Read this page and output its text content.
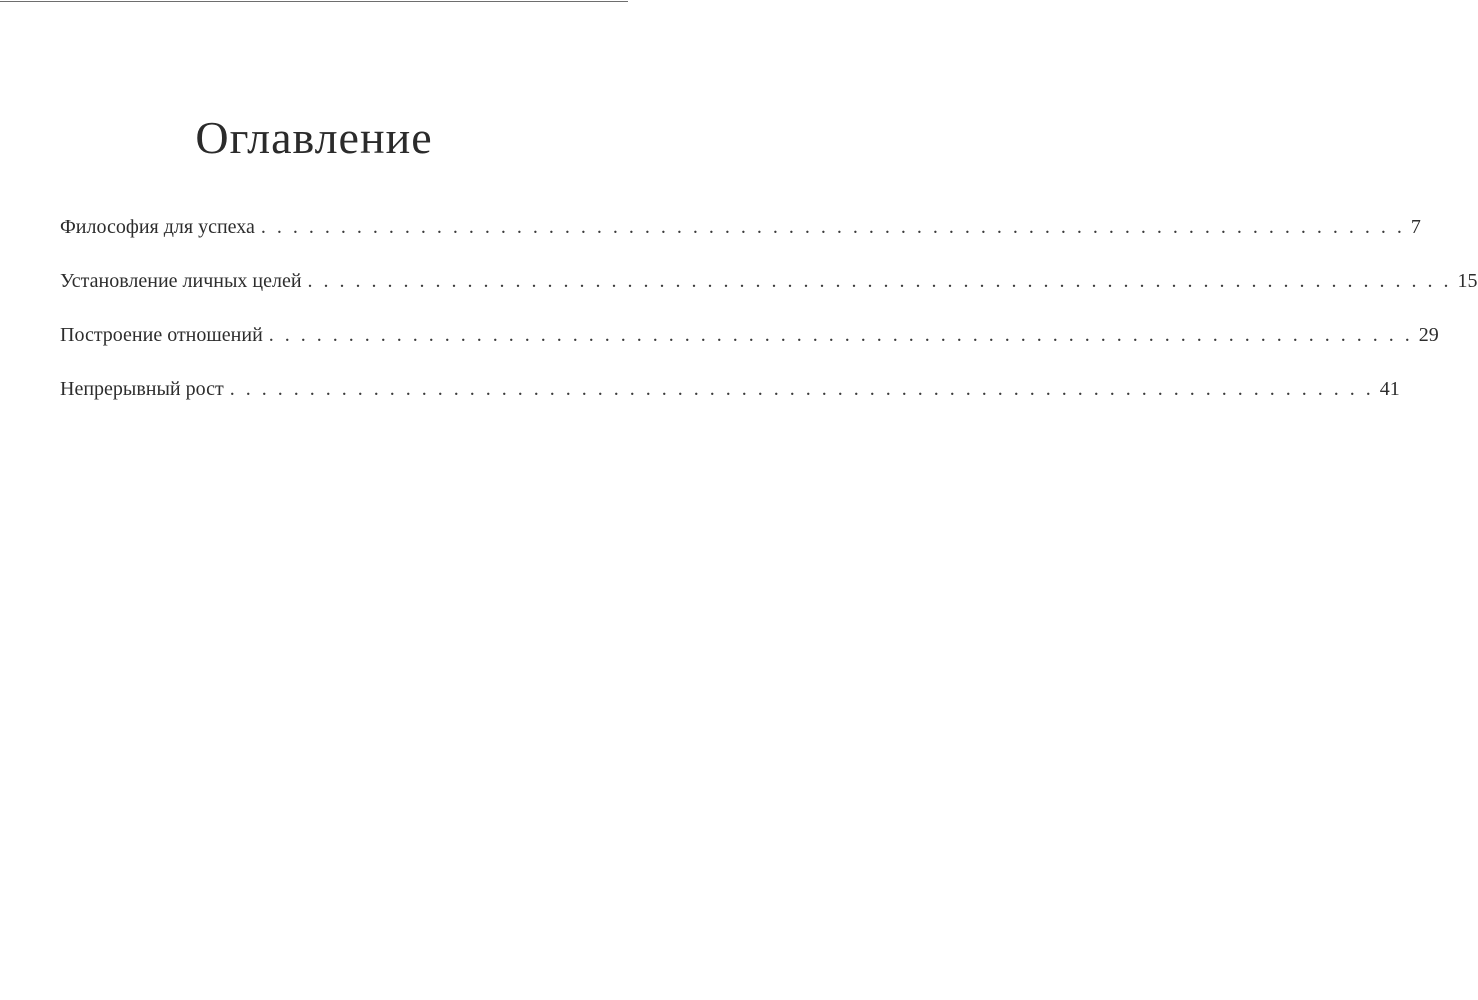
Оглавление
Философия для успеха . . . . . . . . . . . . . . . . . . . . . . . . . . . . . . . . . . . . . . . . . . . . . . . . . . . . . . . . . . . . . . . . . . . . . . . . 7
Установление личных целей . . . . . . . . . . . . . . . . . . . . . . . . . . . . . . . . . . . . . . . . . . . . . . . . . . . . . . . . . . . . . . . . . . . . . . . . 15
Построение отношений . . . . . . . . . . . . . . . . . . . . . . . . . . . . . . . . . . . . . . . . . . . . . . . . . . . . . . . . . . . . . . . . . . . . . . . . 29
Непрерывный рост . . . . . . . . . . . . . . . . . . . . . . . . . . . . . . . . . . . . . . . . . . . . . . . . . . . . . . . . . . . . . . . . . . . . . . . . 41
